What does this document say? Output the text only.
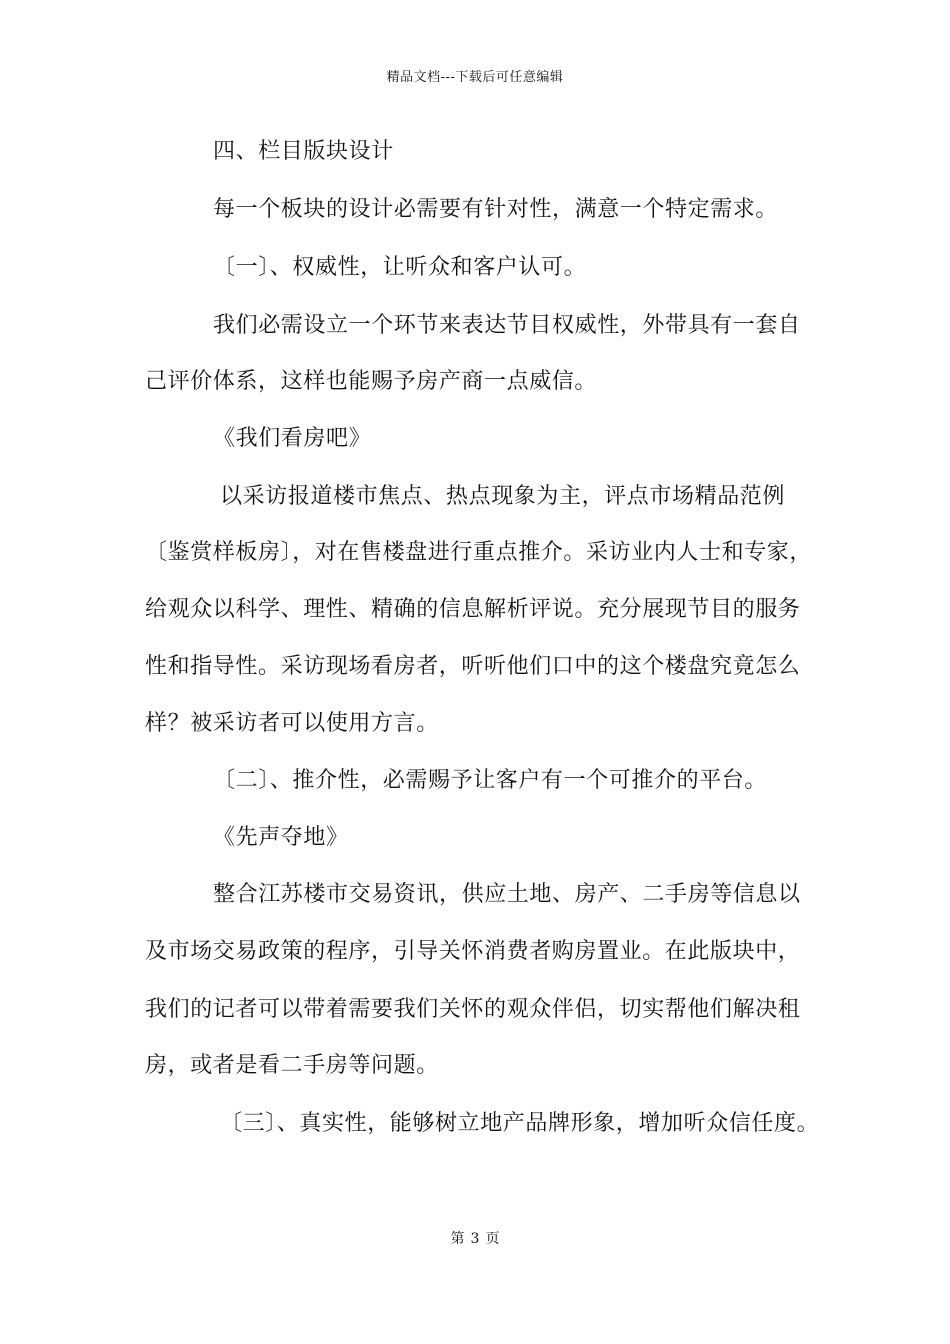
精品文档---下载后可任意编辑
四、栏目版块设计
每一个板块的设计必需要有针对性，满意一个特定需求。
〔一〕、权威性，让听众和客户认可。
我们必需设立一个环节来表达节目权威性，外带具有一套自
己评价体系，这样也能赐予房产商一点威信。
《我们看房吧》
以采访报道楼市焦点、热点现象为主，评点市场精品范例
〔鉴赏样板房〕，对在售楼盘进行重点推介。采访业内人士和专家，
给观众以科学、理性、精确的信息解析评说。充分展现节目的服务
性和指导性。采访现场看房者，听听他们口中的这个楼盘究竟怎么
样？被采访者可以使用方言。
〔二〕、推介性，必需赐予让客户有一个可推介的平台。
《先声夺地》
整合江苏楼市交易资讯，供应土地、房产、二手房等信息以
及市场交易政策的程序，引导关怀消费者购房置业。在此版块中，
我们的记者可以带着需要我们关怀的观众伴侣，切实帮他们解决租
房，或者是看二手房等问题。
〔三〕、真实性，能够树立地产品牌形象，增加听众信任度。
第 3 页
